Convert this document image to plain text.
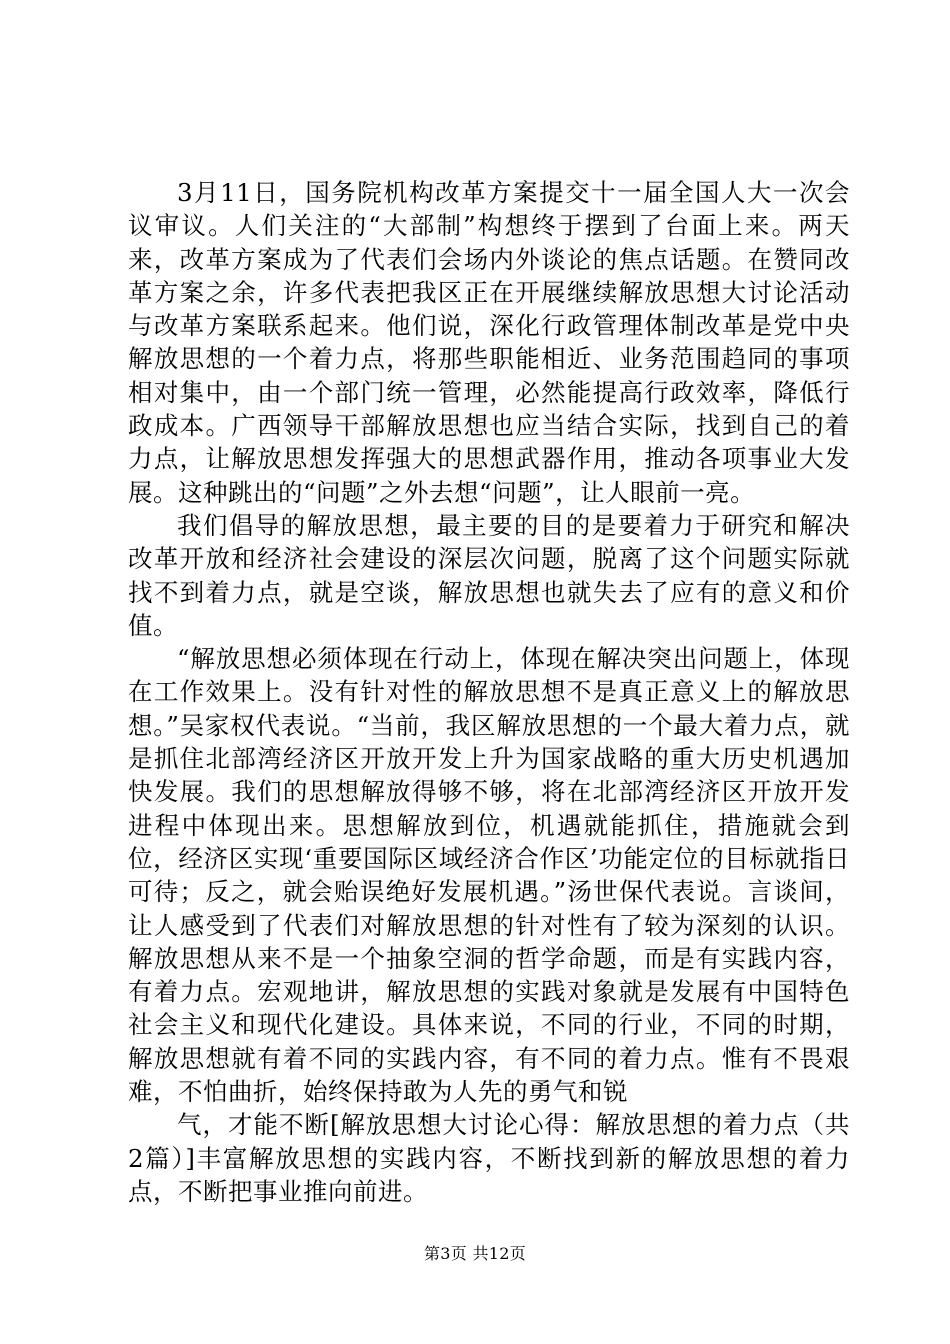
3月11日，国务院机构改革方案提交十一届全国人大一次会议审议。人们关注的“大部制”构想终于摆到了台面上来。两天来，改革方案成为了代表们会场内外谈论的焦点话题。在赞同改革方案之余，许多代表把我区正在开展继续解放思想大讨论活动与改革方案联系起来。他们说，深化行政管理体制改革是党中央解放思想的一个着力点，将那些职能相近、业务范围趋同的事项相对集中，由一个部门统一管理，必然能提高行政效率，降低行政成本。广西领导干部解放思想也应当结合实际，找到自己的着力点，让解放思想发挥强大的思想武器作用，推动各项事业大发展。这种跳出的“问题”之外去想“问题”，让人眼前一亮。

我们倡导的解放思想，最主要的目的是要着力于研究和解决改革开放和经济社会建设的深层次问题，脱离了这个问题实际就找不到着力点，就是空谈，解放思想也就失去了应有的意义和价值。

“解放思想必须体现在行动上，体现在解决突出问题上，体现在工作效果上。没有针对性的解放思想不是真正意义上的解放思想。”吴家权代表说。“当前，我区解放思想的一个最大着力点，就是抓住北部湾经济区开放开发上升为国家战略的重大历史机遇加快发展。我们的思想解放得够不够，将在北部湾经济区开放开发进程中体现出来。思想解放到位，机遇就能抓住，措施就会到位，经济区实现‘重要国际区域经济合作区’功能定位的目标就指日可待；反之，就会贻误绝好发展机遇。”汤世保代表说。言谈间，让人感受到了代表们对解放思想的针对性有了较为深刻的认识。解放思想从来不是一个抽象空洞的哲学命题，而是有实践内容，有着力点。宏观地讲，解放思想的实践对象就是发展有中国特色社会主义和现代化建设。具体来说，不同的行业，不同的时期，解放思想就有着不同的实践内容，有不同的着力点。惟有不畏艰难，不怕曲折，始终保持敢为人先的勇气和锐

气，才能不断[解放思想大讨论心得：解放思想的着力点（共2篇）]丰富解放思想的实践内容，不断找到新的解放思想的着力点，不断把事业推向前进。

第3页 共12页
